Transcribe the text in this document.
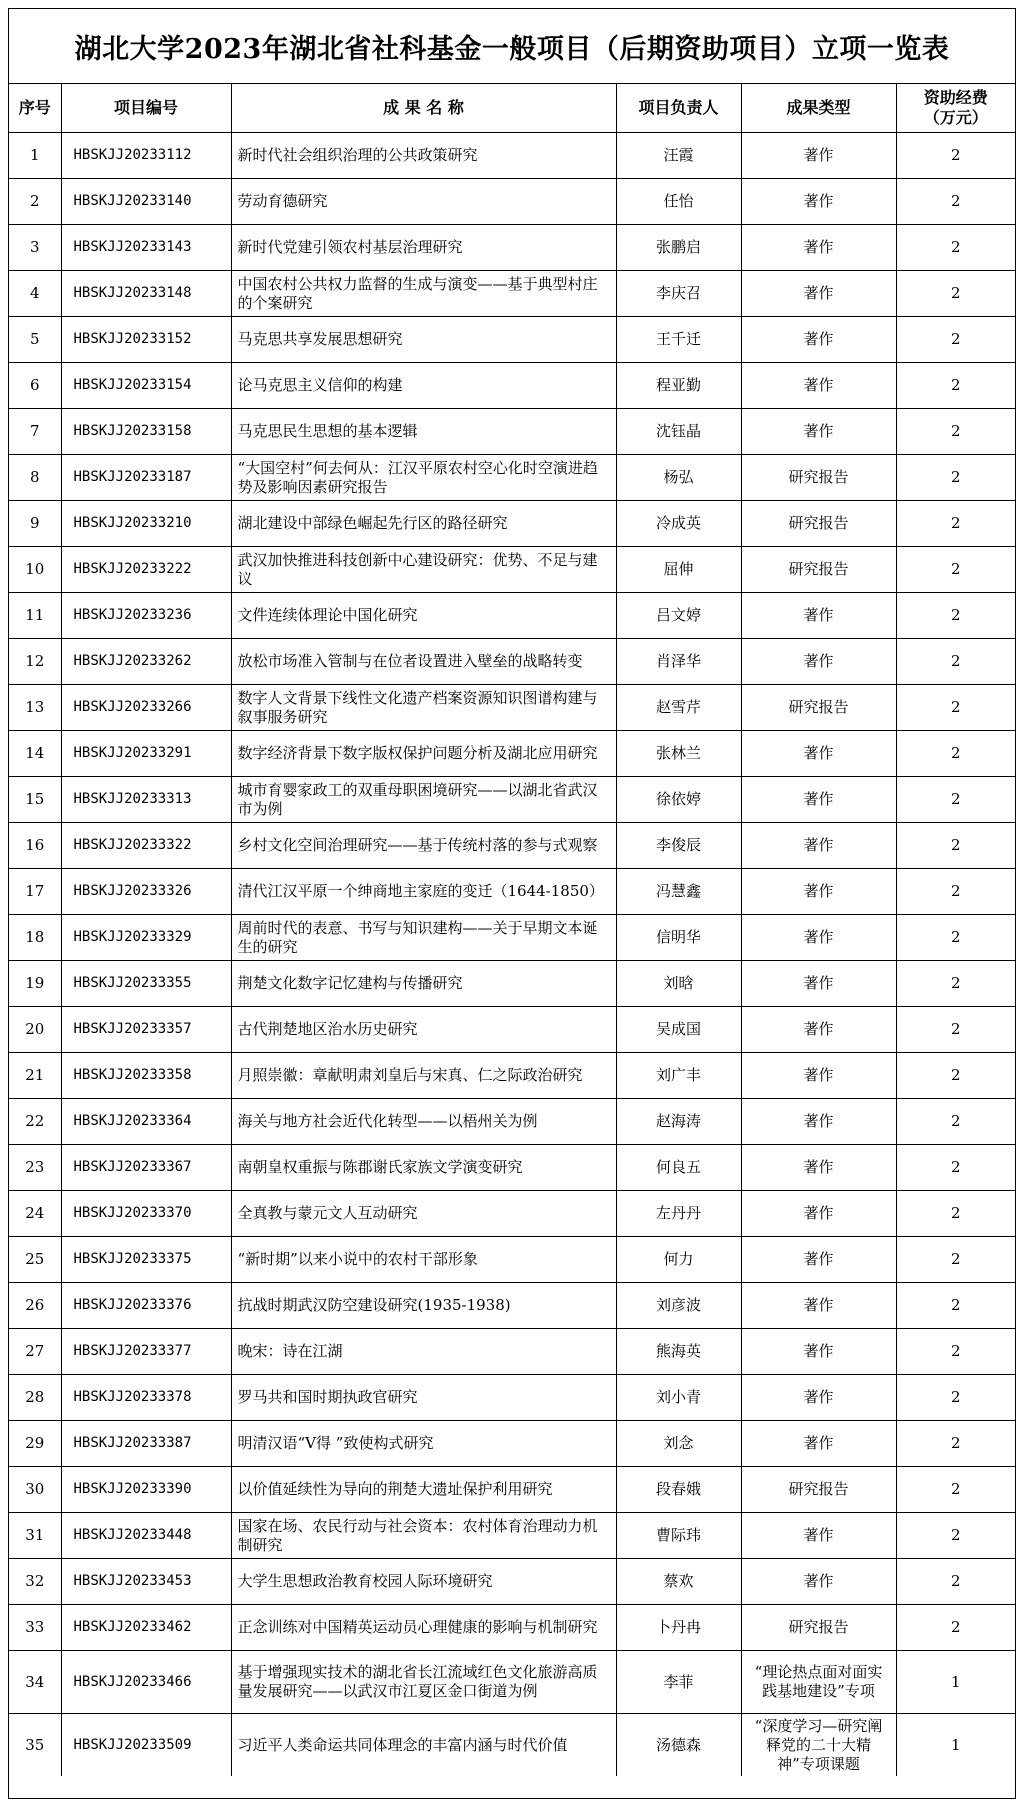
湖北大学2023年湖北省社科基金一般项目（后期资助项目）立项一览表
序号	项目编号	成 果 名 称	项目负责人	成果类型	资助经费
（万元）
1	HBSKJJ20233112	新时代社会组织治理的公共政策研究	汪霞	著作	2
2	HBSKJJ20233140	劳动育德研究	任怡	著作	2
3	HBSKJJ20233143	新时代党建引领农村基层治理研究	张鹏启	著作	2
4	HBSKJJ20233148	中国农村公共权力监督的生成与演变——基于典型村庄的个案研究	李庆召	著作	2
5	HBSKJJ20233152	马克思共享发展思想研究	王千迁	著作	2
6	HBSKJJ20233154	论马克思主义信仰的构建	程亚勤	著作	2
7	HBSKJJ20233158	马克思民生思想的基本逻辑	沈钰晶	著作	2
8	HBSKJJ20233187	“大国空村”何去何从：江汉平原农村空心化时空演进趋势及影响因素研究报告	杨弘	研究报告	2
9	HBSKJJ20233210	湖北建设中部绿色崛起先行区的路径研究	冷成英	研究报告	2
10	HBSKJJ20233222	武汉加快推进科技创新中心建设研究：优势、不足与建议	屈伸	研究报告	2
11	HBSKJJ20233236	文件连续体理论中国化研究	吕文婷	著作	2
12	HBSKJJ20233262	放松市场准入管制与在位者设置进入壁垒的战略转变	肖泽华	著作	2
13	HBSKJJ20233266	数字人文背景下线性文化遗产档案资源知识图谱构建与叙事服务研究	赵雪芹	研究报告	2
14	HBSKJJ20233291	数字经济背景下数字版权保护问题分析及湖北应用研究	张林兰	著作	2
15	HBSKJJ20233313	城市育婴家政工的双重母职困境研究——以湖北省武汉市为例	徐依婷	著作	2
16	HBSKJJ20233322	乡村文化空间治理研究——基于传统村落的参与式观察	李俊辰	著作	2
17	HBSKJJ20233326	清代江汉平原一个绅商地主家庭的变迁（1644-1850）	冯慧鑫	著作	2
18	HBSKJJ20233329	周前时代的表意、书写与知识建构——关于早期文本诞生的研究	信明华	著作	2
19	HBSKJJ20233355	荆楚文化数字记忆建构与传播研究	刘晗	著作	2
20	HBSKJJ20233357	古代荆楚地区治水历史研究	吴成国	著作	2
21	HBSKJJ20233358	月照崇徽：章献明肃刘皇后与宋真、仁之际政治研究	刘广丰	著作	2
22	HBSKJJ20233364	海关与地方社会近代化转型——以梧州关为例	赵海涛	著作	2
23	HBSKJJ20233367	南朝皇权重振与陈郡谢氏家族文学演变研究	何良五	著作	2
24	HBSKJJ20233370	全真教与蒙元文人互动研究	左丹丹	著作	2
25	HBSKJJ20233375	“新时期”以来小说中的农村干部形象	何力	著作	2
26	HBSKJJ20233376	抗战时期武汉防空建设研究(1935-1938)	刘彦波	著作	2
27	HBSKJJ20233377	晚宋：诗在江湖	熊海英	著作	2
28	HBSKJJ20233378	罗马共和国时期执政官研究	刘小青	著作	2
29	HBSKJJ20233387	明清汉语“V得 ”致使构式研究	刘念	著作	2
30	HBSKJJ20233390	以价值延续性为导向的荆楚大遗址保护利用研究	段春娥	研究报告	2
31	HBSKJJ20233448	国家在场、农民行动与社会资本：农村体育治理动力机制研究	曹际玮	著作	2
32	HBSKJJ20233453	大学生思想政治教育校园人际环境研究	蔡欢	著作	2
33	HBSKJJ20233462	正念训练对中国精英运动员心理健康的影响与机制研究	卜丹冉	研究报告	2
34	HBSKJJ20233466	基于增强现实技术的湖北省长江流域红色文化旅游高质量发展研究——以武汉市江夏区金口街道为例	李菲	“理论热点面对面实践基地建设”专项	1
35	HBSKJJ20233509	习近平人类命运共同体理念的丰富内涵与时代价值	汤德森	“深度学习—研究阐释党的二十大精神”专项课题	1
